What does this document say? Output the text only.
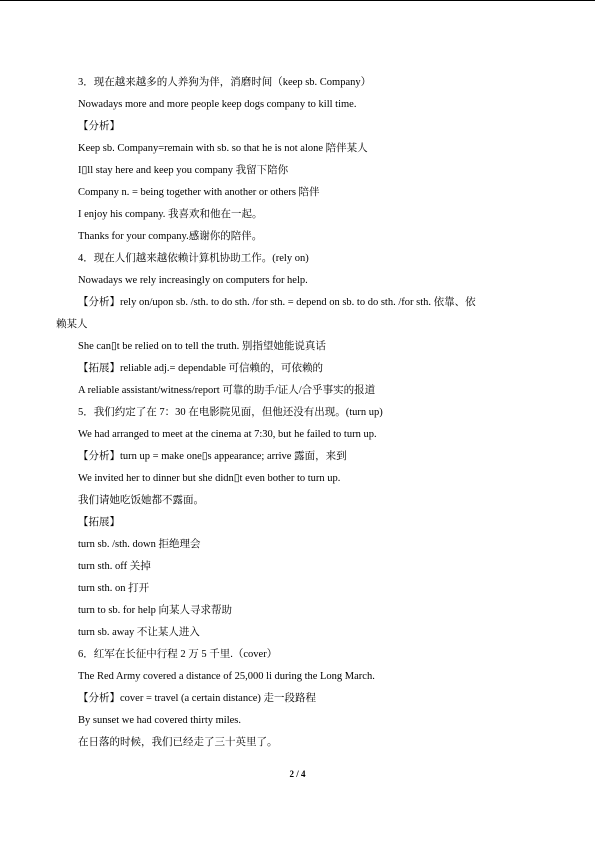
3．现在越来越多的人养狗为伴，消磨时间（keep sb. Company）
Nowadays more and more people keep dogs company to kill time.
【分析】
Keep sb. Company=remain with sb. so that he is not alone 陪伴某人
I▯ll stay here and keep you company 我留下陪你
Company n. = being together with another or others 陪伴
I enjoy his company. 我喜欢和他在一起。
Thanks for your company.感谢你的陪伴。
4．现在人们越来越依赖计算机协助工作。(rely on)
Nowadays we rely increasingly on computers for help.
【分析】rely on/upon sb. /sth. to do sth. /for sth. = depend on sb. to do sth. /for sth. 依靠、依
赖某人
She can▯t be relied on to tell the truth. 别指望她能说真话
【拓展】reliable adj.= dependable 可信赖的，可依赖的
A reliable assistant/witness/report 可靠的助手/证人/合乎事实的报道
5．我们约定了在 7：30 在电影院见面，但他还没有出现。(turn up)
We had arranged to meet at the cinema at 7:30, but he failed to turn up.
【分析】turn up = make one▯s appearance; arrive 露面，来到
We invited her to dinner but she didn▯t even bother to turn up.
我们请她吃饭她都不露面。
【拓展】
turn sb. /sth. down 拒绝理会
turn sth. off 关掉
turn sth. on 打开
turn to sb. for help 向某人寻求帮助
turn sb. away 不让某人进入
6．红军在长征中行程 2 万 5 千里.（cover）
The Red Army covered a distance of 25,000 li during the Long March.
【分析】cover = travel (a certain distance) 走一段路程
By sunset we had covered thirty miles.
在日落的时候，我们已经走了三十英里了。
2 / 4
